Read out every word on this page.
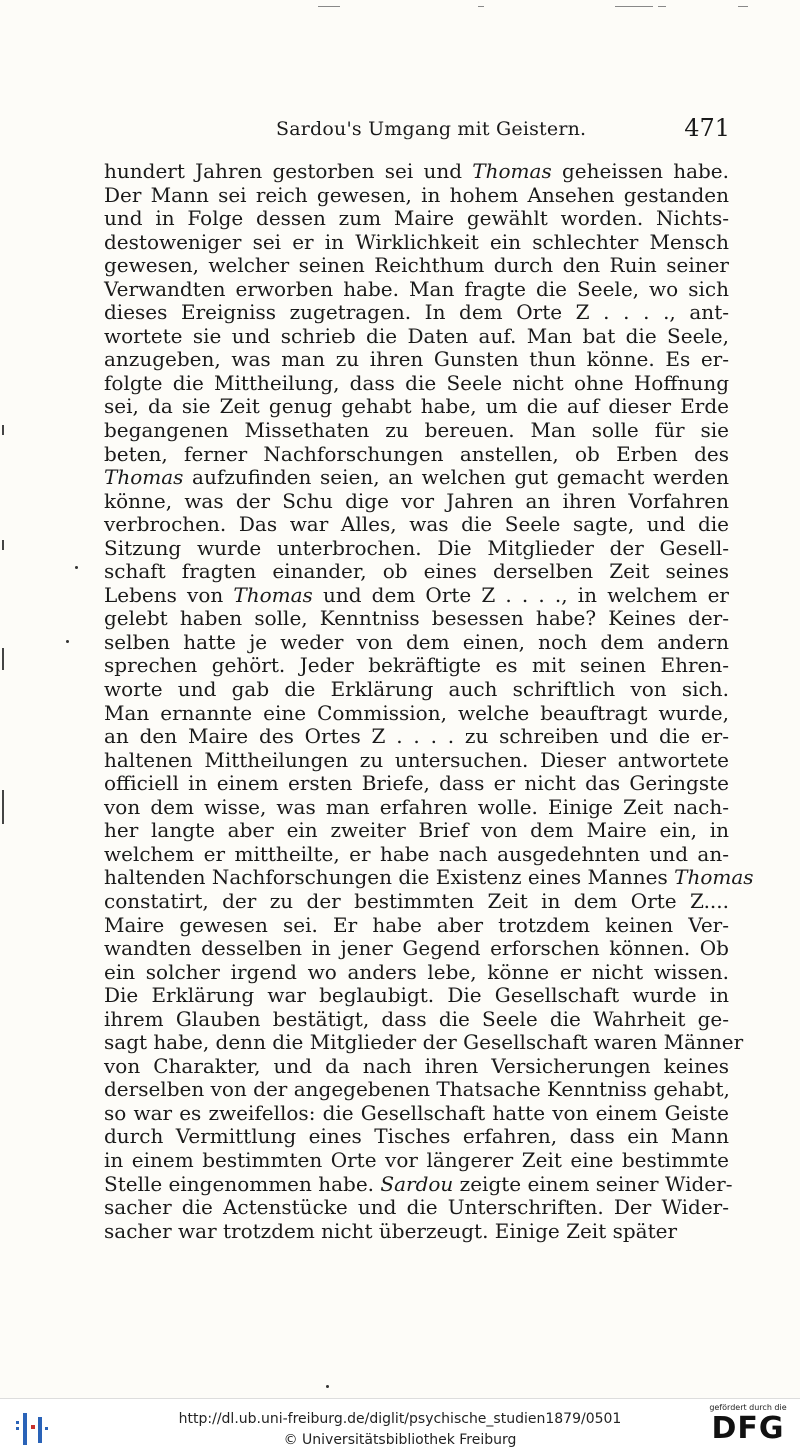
Sardou's Umgang mit Geistern.	471
hundert Jahren gestorben sei und Thomas geheissen habe.
Der Mann sei reich gewesen, in hohem Ansehen gestanden
und in Folge dessen zum Maire gewählt worden. Nichts-
destoweniger sei er in Wirklichkeit ein schlechter Mensch
gewesen, welcher seinen Reichthum durch den Ruin seiner
Verwandten erworben habe. Man fragte die Seele, wo sich
dieses Ereigniss zugetragen. In dem Orte Z . . . ., ant-
wortete sie und schrieb die Daten auf. Man bat die Seele,
anzugeben, was man zu ihren Gunsten thun könne. Es er-
folgte die Mittheilung, dass die Seele nicht ohne Hoffnung
sei, da sie Zeit genug gehabt habe, um die auf dieser Erde
begangenen Missethaten zu bereuen. Man solle für sie
beten, ferner Nachforschungen anstellen, ob Erben des
Thomas aufzufinden seien, an welchen gut gemacht werden
könne, was der Schu dige vor Jahren an ihren Vorfahren
verbrochen. Das war Alles, was die Seele sagte, und die
Sitzung wurde unterbrochen. Die Mitglieder der Gesell-
schaft fragten einander, ob eines derselben Zeit seines
Lebens von Thomas und dem Orte Z . . . ., in welchem er
gelebt haben solle, Kenntniss besessen habe? Keines der-
selben hatte je weder von dem einen, noch dem andern
sprechen gehört. Jeder bekräftigte es mit seinen Ehren-
worte und gab die Erklärung auch schriftlich von sich.
Man ernannte eine Commission, welche beauftragt wurde,
an den Maire des Ortes Z . . . . zu schreiben und die er-
haltenen Mittheilungen zu untersuchen. Dieser antwortete
officiell in einem ersten Briefe, dass er nicht das Geringste
von dem wisse, was man erfahren wolle. Einige Zeit nach-
her langte aber ein zweiter Brief von dem Maire ein, in
welchem er mittheilte, er habe nach ausgedehnten und an-
haltenden Nachforschungen die Existenz eines Mannes Thomas
constatirt, der zu der bestimmten Zeit in dem Orte Z....
Maire gewesen sei. Er habe aber trotzdem keinen Ver-
wandten desselben in jener Gegend erforschen können. Ob
ein solcher irgend wo anders lebe, könne er nicht wissen.
Die Erklärung war beglaubigt. Die Gesellschaft wurde in
ihrem Glauben bestätigt, dass die Seele die Wahrheit ge-
sagt habe, denn die Mitglieder der Gesellschaft waren Männer
von Charakter, und da nach ihren Versicherungen keines
derselben von der angegebenen Thatsache Kenntniss gehabt,
so war es zweifellos: die Gesellschaft hatte von einem Geiste
durch Vermittlung eines Tisches erfahren, dass ein Mann
in einem bestimmten Orte vor längerer Zeit eine bestimmte
Stelle eingenommen habe. Sardou zeigte einem seiner Wider-
sacher die Actenstücke und die Unterschriften. Der Wider-
sacher war trotzdem nicht überzeugt. Einige Zeit später
http://dl.ub.uni-freiburg.de/diglit/psychische_studien1879/0501
© Universitätsbibliothek Freiburg
gefördert durch die
DFG
